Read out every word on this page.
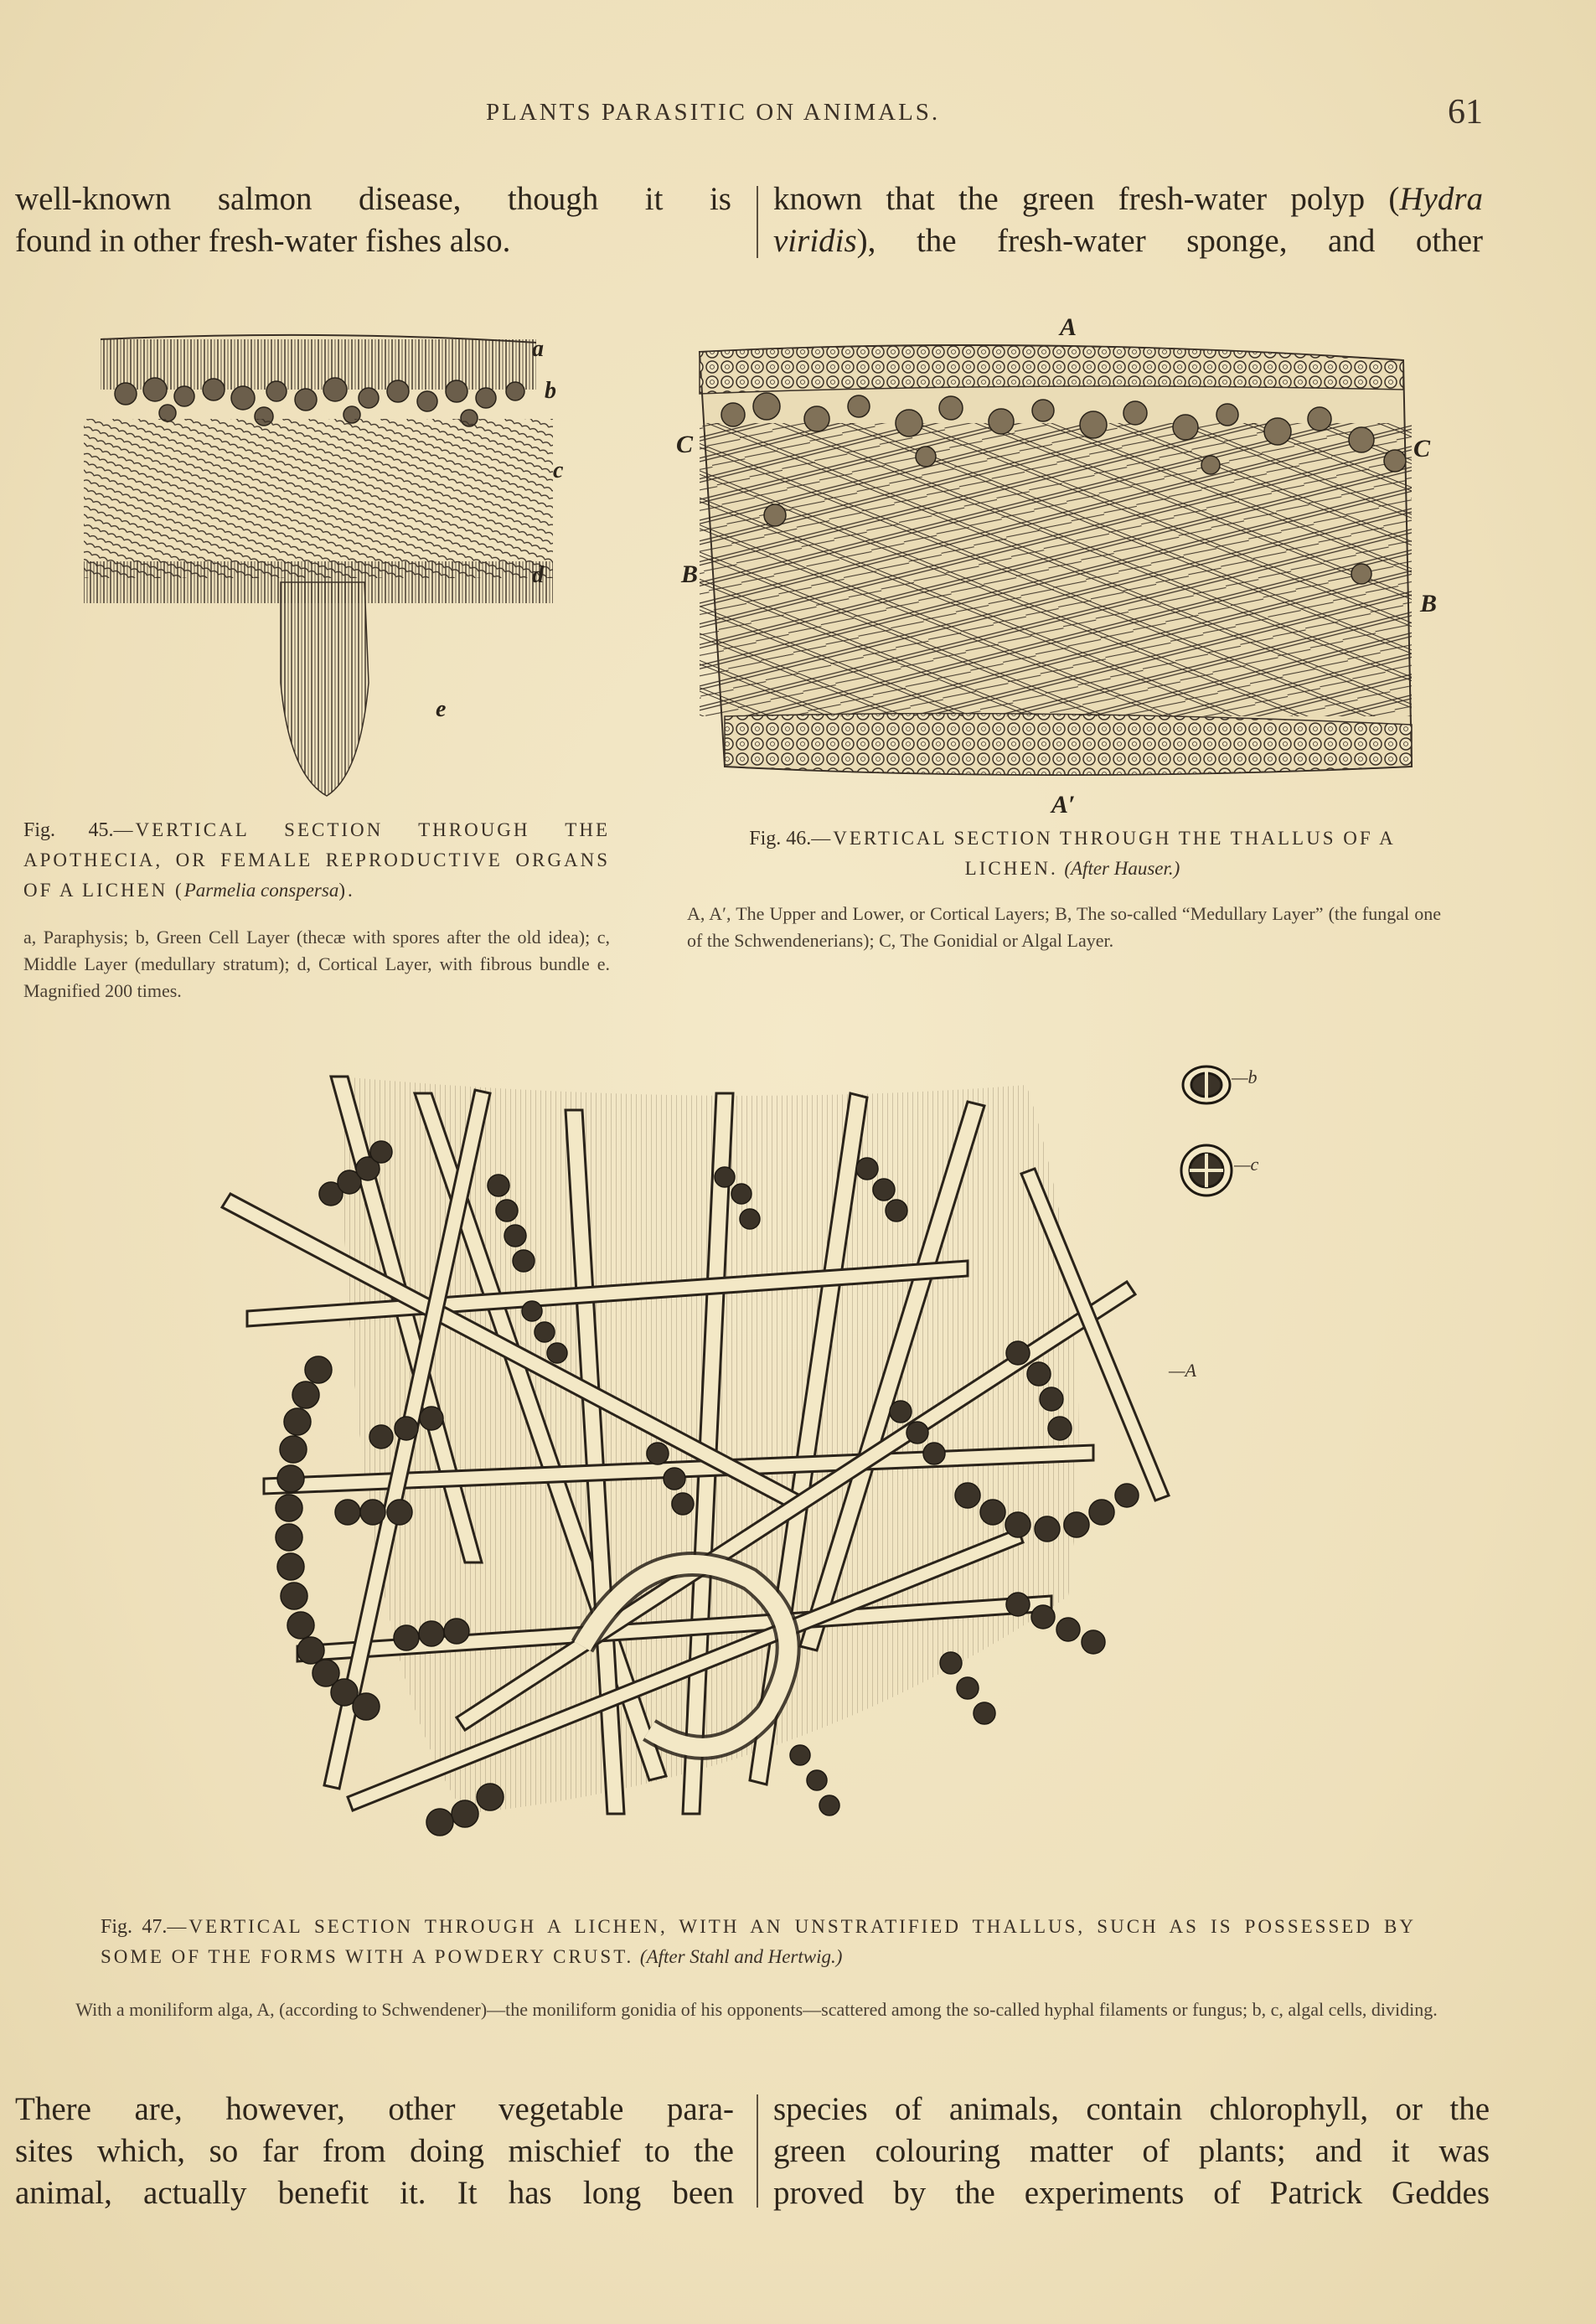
PLANTS PARASITIC ON ANIMALS.	61
well-known salmon disease, though it is
found in other fresh-water fishes also.
known that the green fresh-water polyp (Hydra
viridis), the fresh-water sponge, and other
a
b
c
d
e
A
A′
B
B
C	C
Fig. 45.—VERTICAL SECTION THROUGH THE APOTHECIA, OR FEMALE REPRODUCTIVE ORGANS OF A LICHEN (Parmelia conspersa).
a, Paraphysis; b, Green Cell Layer (thecæ with spores after the old idea); c, Middle Layer (medullary stratum); d, Cortical Layer, with fibrous bundle e. Magnified 200 times.
Fig. 46.—VERTICAL SECTION THROUGH THE THALLUS OF A LICHEN. (After Hauser.)
A, A′, The Upper and Lower, or Cortical Layers; B, The so-called “Medullary Layer” (the fungal one of the Schwendenerians); C, The Gonidial or Algal Layer.
—b
—c
—A
Fig. 47.—VERTICAL SECTION THROUGH A LICHEN, WITH AN UNSTRATIFIED THALLUS, SUCH AS IS POSSESSED BY SOME OF THE FORMS WITH A POWDERY CRUST. (After Stahl and Hertwig.)
With a moniliform alga, A, (according to Schwendener)—the moniliform gonidia of his opponents—scattered among the so-called hyphal filaments or fungus; b, c, algal cells, dividing.
There are, however, other vegetable para-
sites which, so far from doing mischief to the
animal, actually benefit it. It has long been
species of animals, contain chlorophyll, or the
green colouring matter of plants; and it was
proved by the experiments of Patrick Geddes
